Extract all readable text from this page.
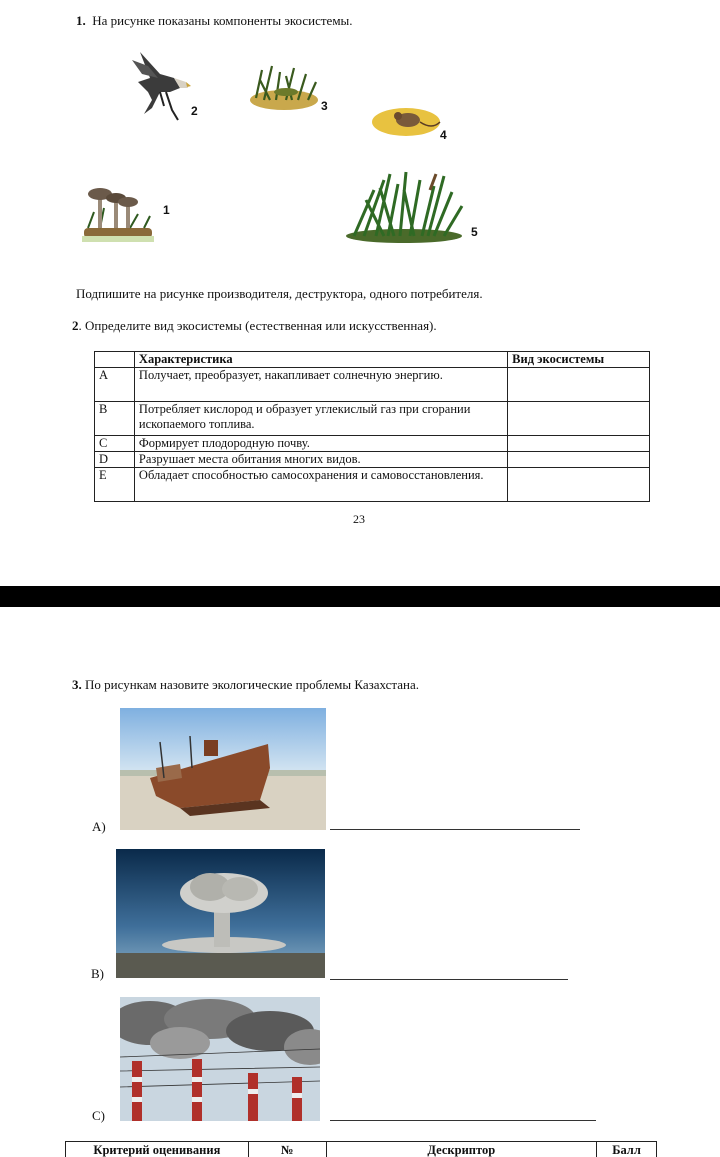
1. На рисунке показаны компоненты экосистемы.
2	3
4
1
5
Подпишите на рисунке производителя, деструктора, одного потребителя.
2. Определите вид экосистемы (естественная или искусственная).
	Характеристика	Вид экосистемы
A	Получает, преобразует, накапливает солнечную энергию.	
B	Потребляет кислород и образует углекислый газ при сгорании ископаемого топлива.	
C	Формирует плодородную почву.	
D	Разрушает места обитания многих видов.	
E	Обладает способностью самосохранения и самовосстановления.	
23
3. По рисункам назовите экологические проблемы Казахстана.
A)
B)
C)
Критерий оценивания	№	Дескриптор	Балл
